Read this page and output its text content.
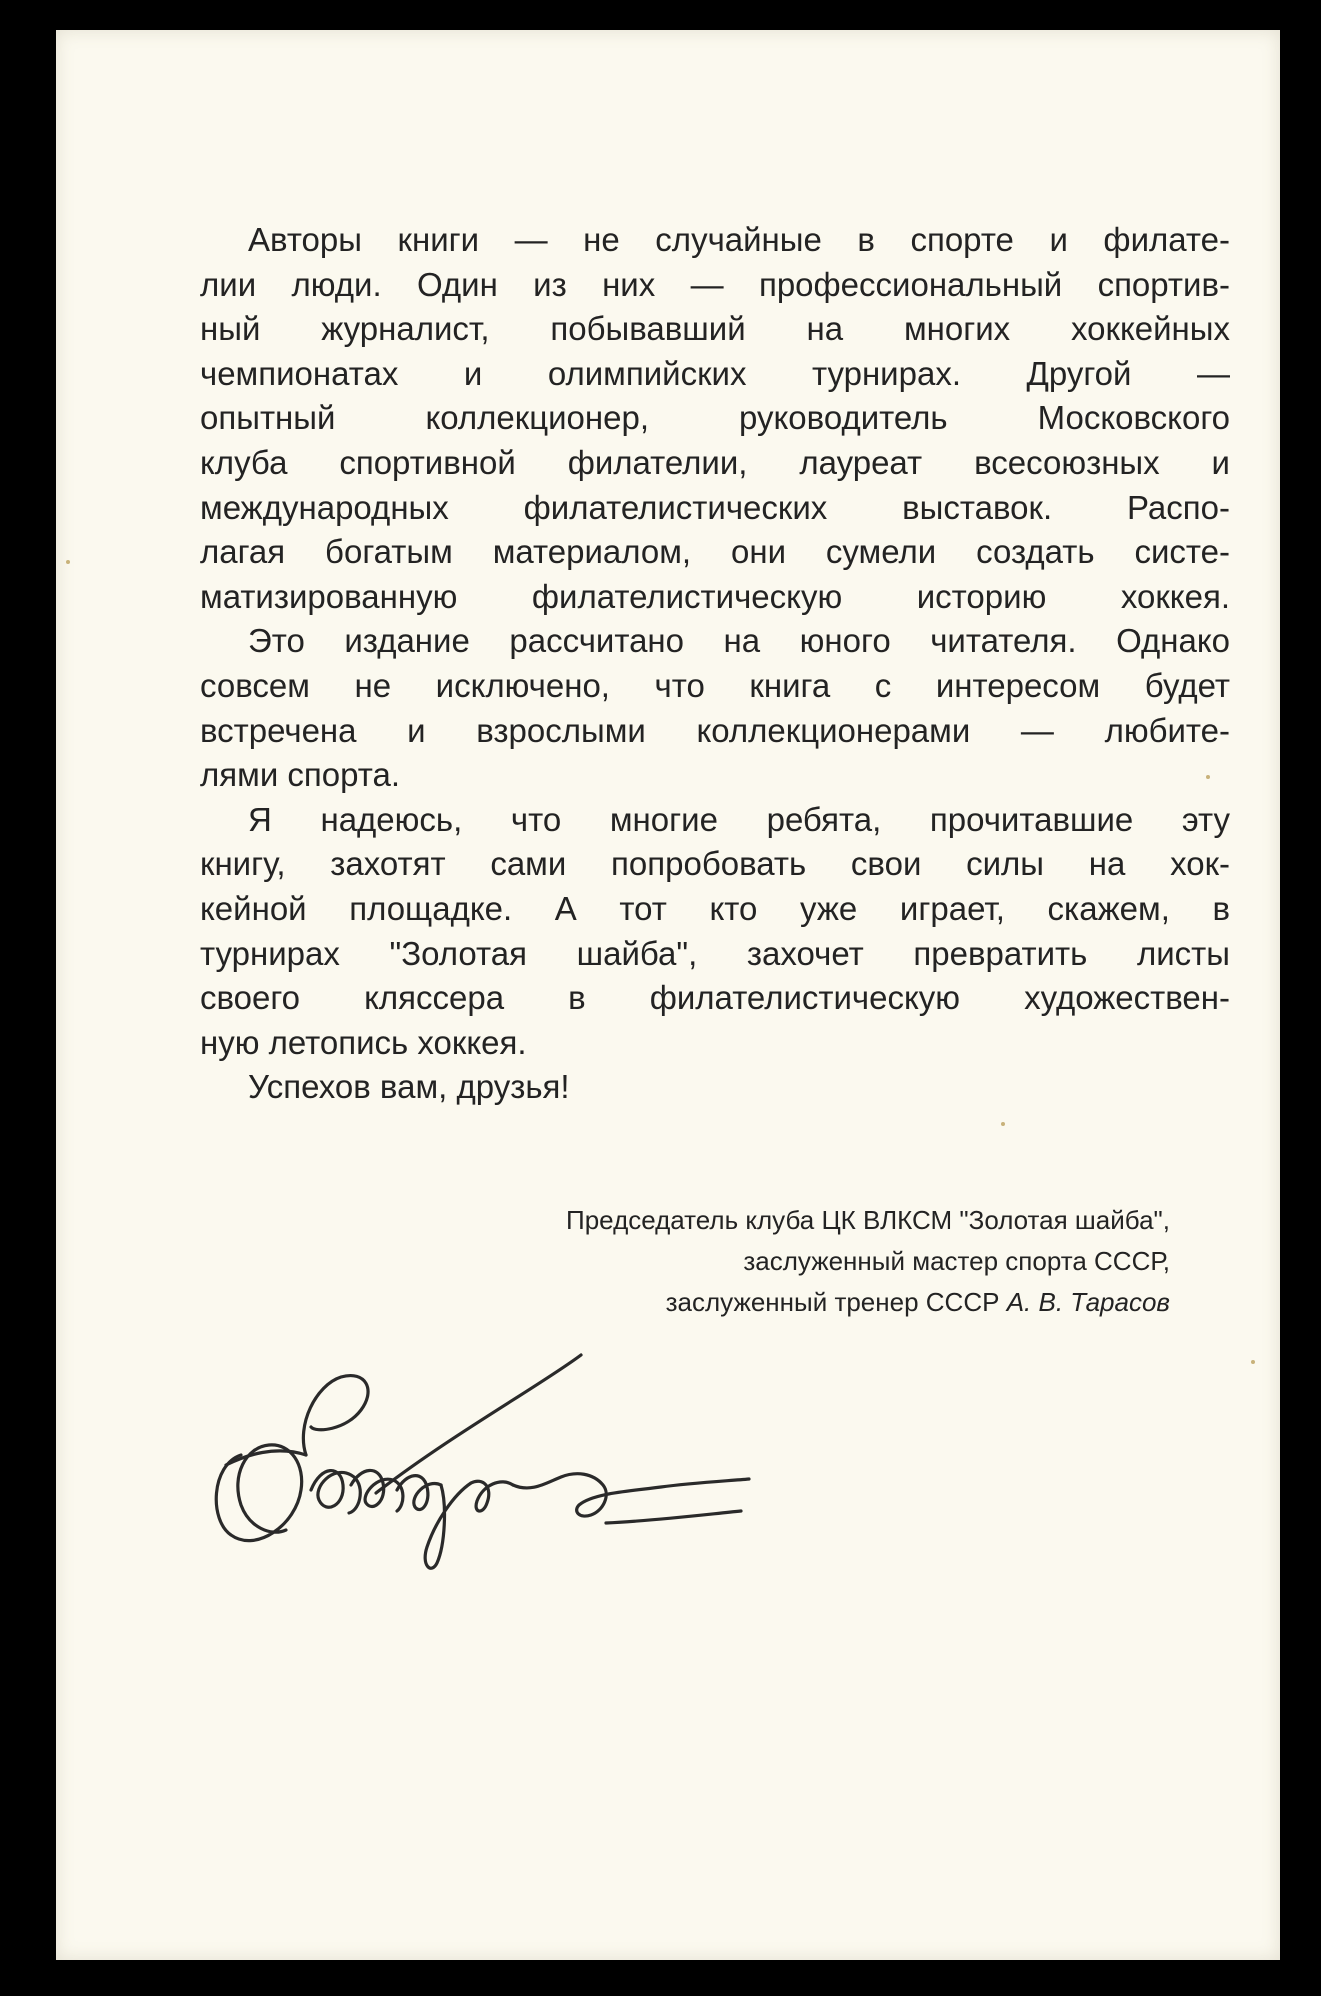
Авторы книги — не случайные в спорте и филате-
лии люди. Один из них — профессиональный спортив-
ный журналист, побывавший на многих хоккейных
чемпионатах и олимпийских турнирах. Другой —
опытный коллекционер, руководитель Московского
клуба спортивной филателии, лауреат всесоюзных и
международных филателистических выставок. Распо-
лагая богатым материалом, они сумели создать систе-
матизированную филателистическую историю хоккея.
Это издание рассчитано на юного читателя. Однако
совсем не исключено, что книга с интересом будет
встречена и взрослыми коллекционерами — любите-
лями спорта.
Я надеюсь, что многие ребята, прочитавшие эту
книгу, захотят сами попробовать свои силы на хок-
кейной площадке. А тот кто уже играет, скажем, в
турнирах "Золотая шайба", захочет превратить листы
своего кляссера в филателистическую художествен-
ную летопись хоккея.
Успехов вам, друзья!
Председатель клуба ЦК ВЛКСМ "Золотая шайба",
заслуженный мастер спорта СССР,
заслуженный тренер СССР А. В. Тарасов
